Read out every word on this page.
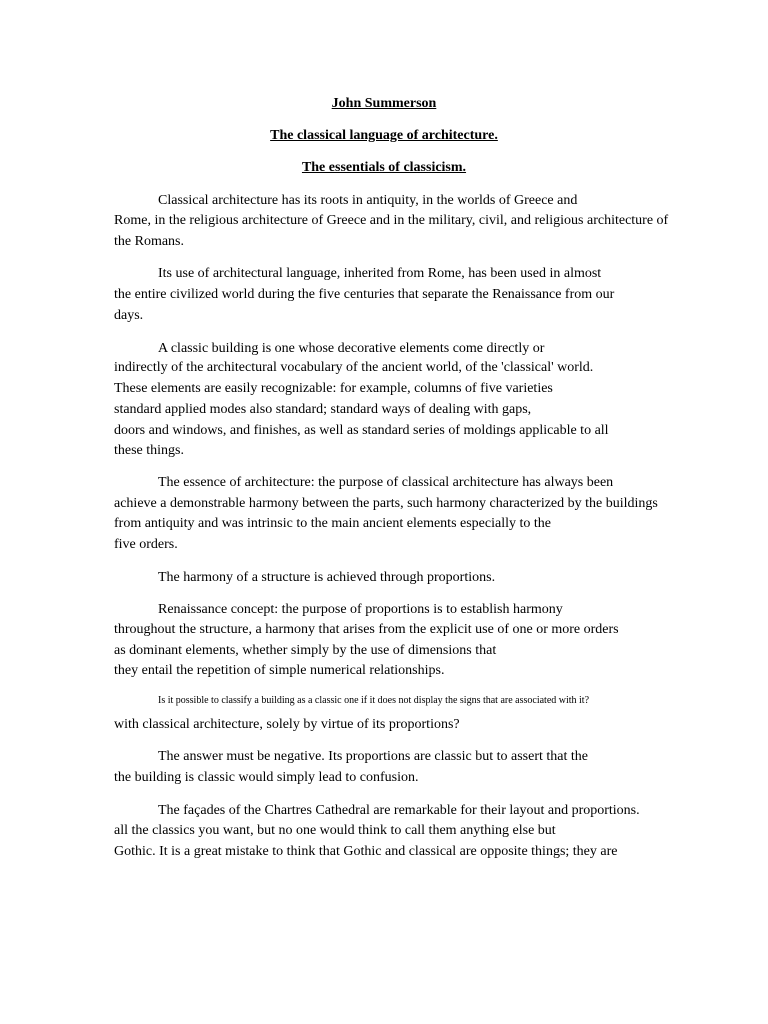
John Summerson

The classical language of architecture.

The essentials of classicism.

Classical architecture has its roots in antiquity, in the worlds of Greece and

Rome, in the religious architecture of Greece and in the military, civil, and religious architecture of

the Romans.

Its use of architectural language, inherited from Rome, has been used in almost

the entire civilized world during the five centuries that separate the Renaissance from our

days.

A classic building is one whose decorative elements come directly or

indirectly of the architectural vocabulary of the ancient world, of the 'classical' world.

These elements are easily recognizable: for example, columns of five varieties

standard applied modes also standard; standard ways of dealing with gaps,

doors and windows, and finishes, as well as standard series of moldings applicable to all

these things.

The essence of architecture: the purpose of classical architecture has always been

achieve a demonstrable harmony between the parts, such harmony characterized by the buildings

from antiquity and was intrinsic to the main ancient elements especially to the

five orders.

The harmony of a structure is achieved through proportions.

Renaissance concept: the purpose of proportions is to establish harmony

throughout the structure, a harmony that arises from the explicit use of one or more orders

as dominant elements, whether simply by the use of dimensions that

they entail the repetition of simple numerical relationships.

Is it possible to classify a building as a classic one if it does not display the signs that are associated with it?

with classical architecture, solely by virtue of its proportions?

The answer must be negative. Its proportions are classic but to assert that the

the building is classic would simply lead to confusion.

The façades of the Chartres Cathedral are remarkable for their layout and proportions.

all the classics you want, but no one would think to call them anything else but

Gothic. It is a great mistake to think that Gothic and classical are opposite things; they are
